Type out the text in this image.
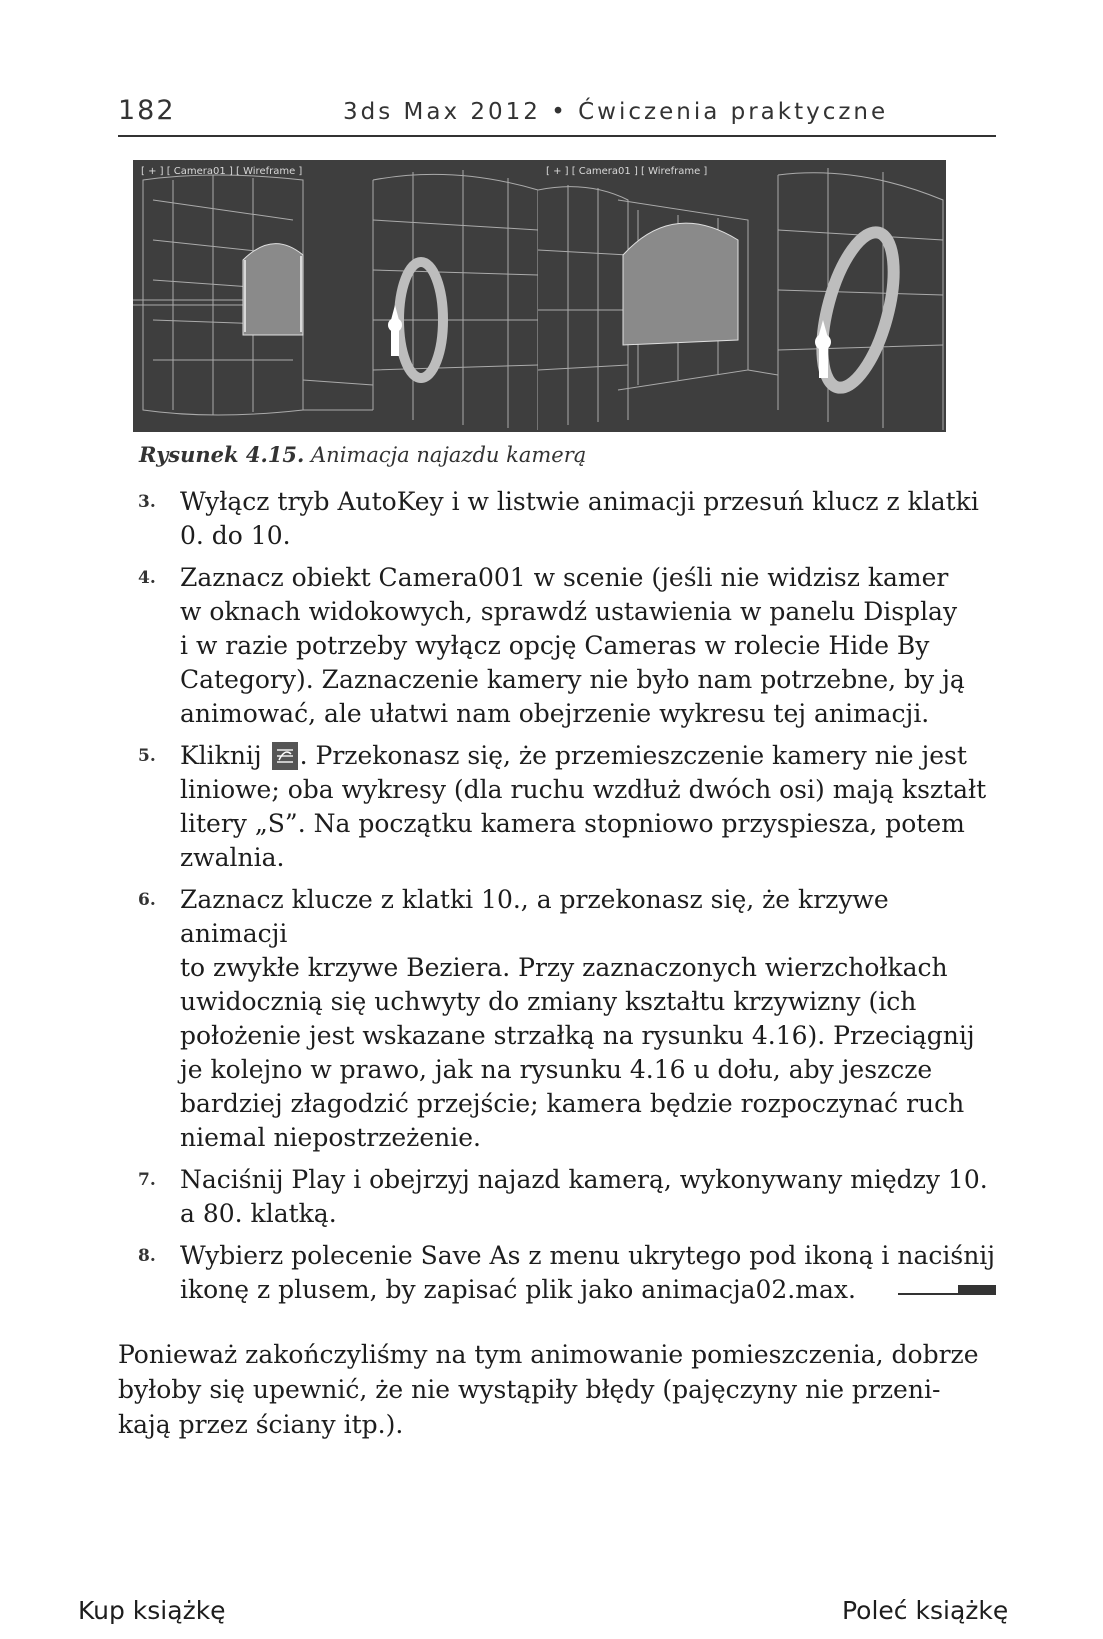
182	3ds Max 2012 • Ćwiczenia praktyczne
[ + ] [ Camera01 ] [ Wireframe ]	[ + ] [ Camera01 ] [ Wireframe ]
Rysunek 4.15. Animacja najazdu kamerą
3. Wyłącz tryb AutoKey i w listwie animacji przesuń klucz z klatki
0. do 10.
4. Zaznacz obiekt Camera001 w scenie (jeśli nie widzisz kamer
w oknach widokowych, sprawdź ustawienia w panelu Display
i w razie potrzeby wyłącz opcję Cameras w rolecie Hide By
Category). Zaznaczenie kamery nie było nam potrzebne, by ją
animować, ale ułatwi nam obejrzenie wykresu tej animacji.
5. Kliknij
. Przekonasz się, że przemieszczenie kamery nie jest
liniowe; oba wykresy (dla ruchu wzdłuż dwóch osi) mają kształt
litery „S”. Na początku kamera stopniowo przyspiesza, potem
zwalnia.
6. Zaznacz klucze z klatki 10., a przekonasz się, że krzywe animacji
to zwykłe krzywe Beziera. Przy zaznaczonych wierzchołkach
uwidocznią się uchwyty do zmiany kształtu krzywizny (ich
położenie jest wskazane strzałką na rysunku 4.16). Przeciągnij
je kolejno w prawo, jak na rysunku 4.16 u dołu, aby jeszcze
bardziej złagodzić przejście; kamera będzie rozpoczynać ruch
niemal niepostrzeżenie.
7. Naciśnij Play i obejrzyj najazd kamerą, wykonywany między 10.
a 80. klatką.
8. Wybierz polecenie Save As z menu ukrytego pod ikoną i naciśnij
ikonę z plusem, by zapisać plik jako animacja02.max.
Ponieważ zakończyliśmy na tym animowanie pomieszczenia, dobrze
byłoby się upewnić, że nie wystąpiły błędy (pajęczyny nie przeni-
kają przez ściany itp.).
Kup książkę	Poleć książkę
